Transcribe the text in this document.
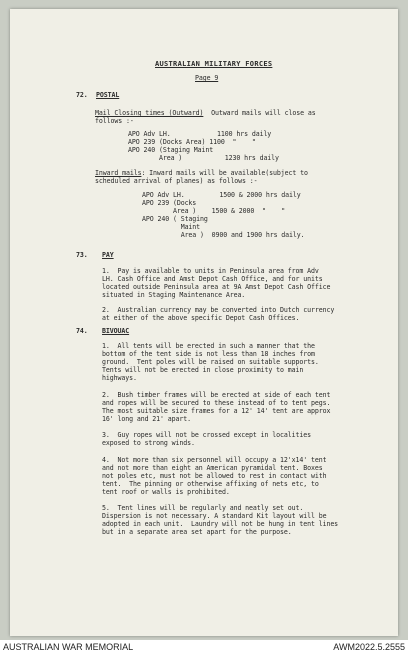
AUSTRALIAN MILITARY FORCES
Page 9
72. POSTAL
Mail Closing times (Outward)  Outward mails will close as
follows :-
APO Adv LH.            1100 hrs daily
APO 239 (Docks Area) 1100  "    "
APO 240 (Staging Maint
Area )           1230 hrs daily
Inward mails: Inward mails will be available(subject to
scheduled arrival of planes) as follows :-
APO Adv LH.         1500 & 2000 hrs daily
APO 239 (Docks
Area )    1500 & 2000  "    "
APO 240 ( Staging
Maint
Area )  0900 and 1900 hrs daily.
73. PAY
1.  Pay is available to units in Peninsula area from Adv
LH. Cash Office and Amst Depot Cash Office, and for units
located outside Peninsula area at 9A Amst Depot Cash Office
situated in Staging Maintenance Area.
2.  Australian currency may be converted into Dutch currency
at either of the above specific Depot Cash Offices.
74. BIVOUAC
1.  All tents will be erected in such a manner that the
bottom of the tent side is not less than 18 inches from
ground.  Tent poles will be raised on suitable supports.
Tents will not be erected in close proximity to main
highways.
2.  Bush timber frames will be erected at side of each tent
and ropes will be secured to these instead of to tent pegs.
The most suitable size frames for a 12' 14' tent are approx
16' long and 21' apart.
3.  Guy ropes will not be crossed except in localities
exposed to strong winds.
4.  Not more than six personnel will occupy a 12'x14' tent
and not more than eight an American pyramidal tent. Boxes
not poles etc, must not be allowed to rest in contact with
tent.  The pinning or otherwise affixing of nets etc, to
tent roof or walls is prohibited.
5.  Tent lines will be regularly and neatly set out.
Dispersion is not necessary. A standard Kit layout will be
adopted in each unit.  Laundry will not be hung in tent lines
but in a separate area set apart for the purpose.
AUSTRALIAN WAR MEMORIAL	AWM2022.5.2555
